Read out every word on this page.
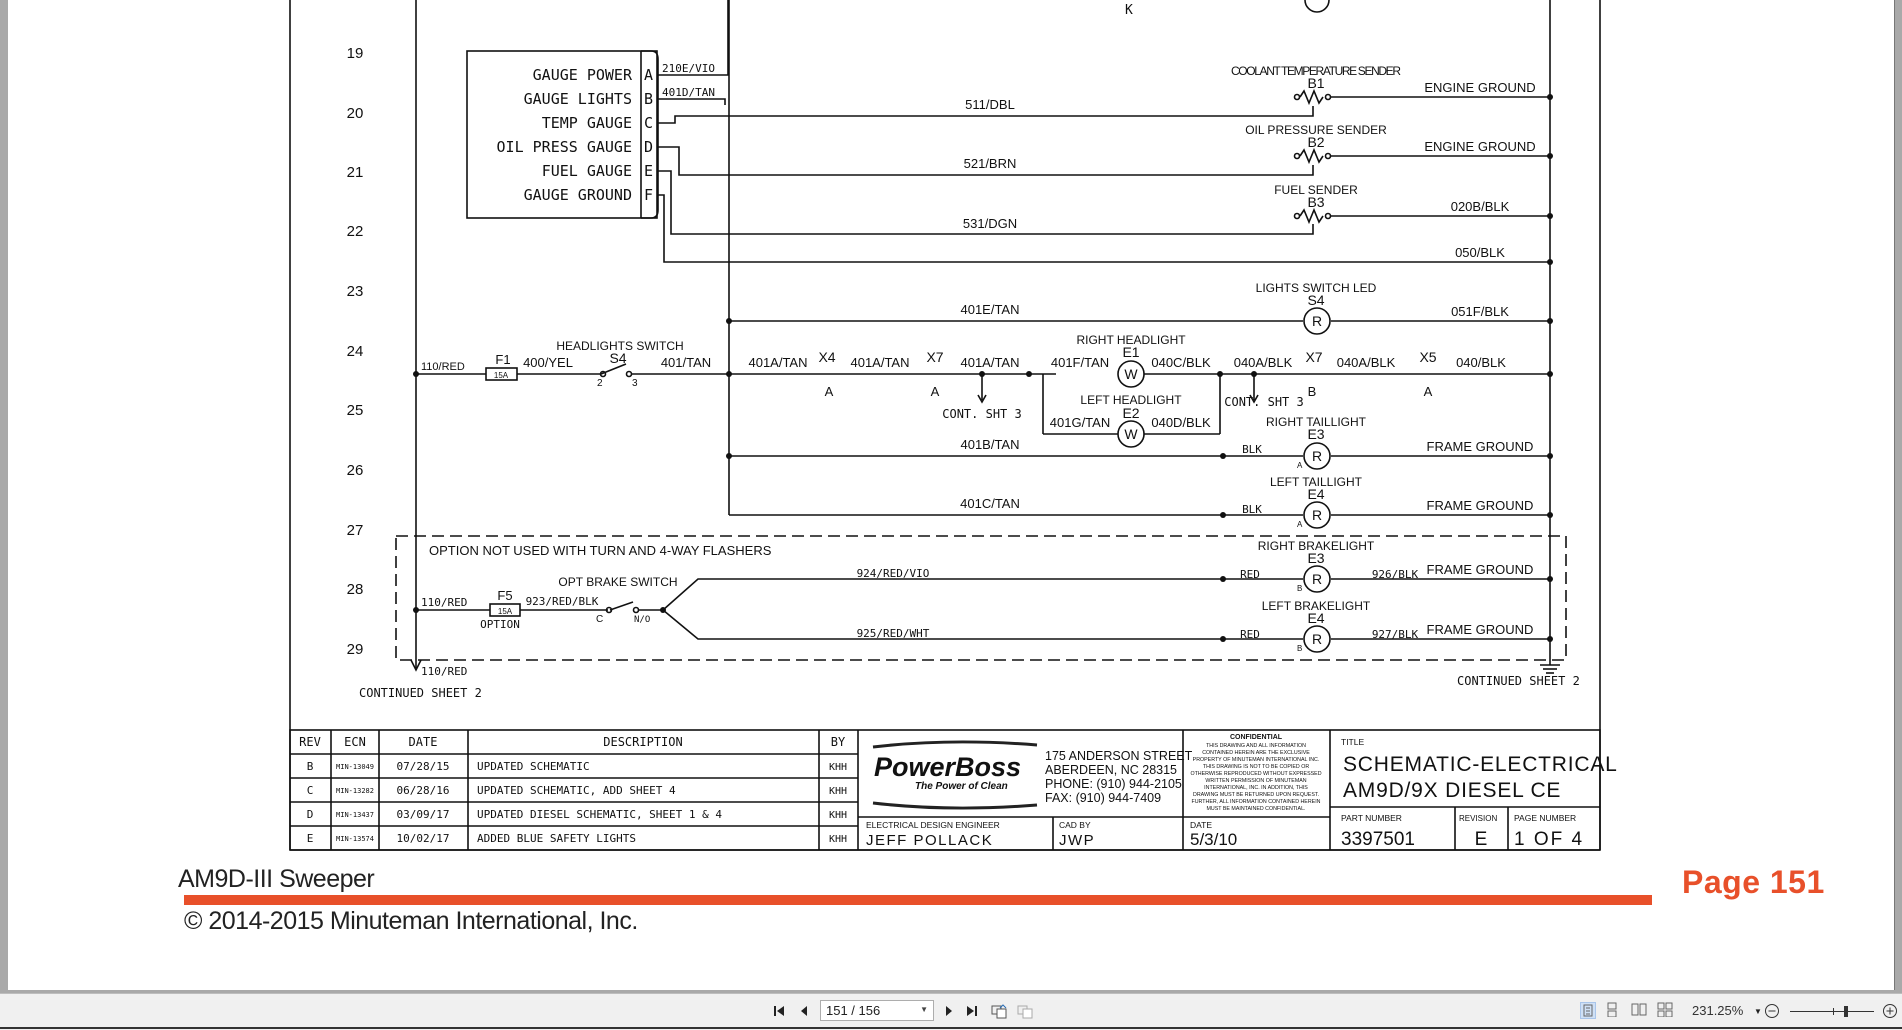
R
W
W
R
R
R
R
19
20
21
22
23
24
25
26
27
28
29
K
GAUGE POWER
GAUGE LIGHTS
TEMP GAUGE
OIL PRESS GAUGE
FUEL GAUGE
GAUGE GROUND
A
B
C
D
E
F
210E/VIO
401D/TAN
COOLANT TEMPERATURE SENDER
B1
511/DBL
ENGINE GROUND
OIL PRESSURE SENDER
B2
521/BRN
ENGINE GROUND
FUEL SENDER
B3
531/DGN
020B/BLK
050/BLK
LIGHTS SWITCH LED
S4
401E/TAN	051F/BLK
110/RED F1
15A
400/YEL
HEADLIGHTS SWITCH
S4
2	3
401/TAN	401A/TAN	401A/TAN	401A/TAN
X4
A
X7
A
X7
B
X5
A
CONT. SHT 3
CONT. SHT 3
RIGHT HEADLIGHT
E1
401F/TAN	040C/BLK
LEFT HEADLIGHT
E2
401G/TAN	040D/BLK
040A/BLK	040A/BLK	040/BLK
RIGHT TAILLIGHT
E3
401B/TAN	BLK
A
FRAME GROUND
LEFT TAILLIGHT
E4
401C/TAN	BLK
A
FRAME GROUND
OPTION NOT USED WITH TURN AND 4-WAY FLASHERS
110/RED F5
15A
OPTION
923/RED/BLK
OPT BRAKE SWITCH
C	N/O
924/RED/VIO
925/RED/WHT
RED
RED
RIGHT BRAKELIGHT
E3
B
LEFT BRAKELIGHT
E4
B
926/BLK
927/BLK
FRAME GROUND
FRAME GROUND
110/RED
CONTINUED SHEET 2
CONTINUED SHEET 2
REV ECN	DATE	DESCRIPTION	BY
B	MIN-13049 07/28/15	UPDATED SCHEMATIC	KHH
C	MIN-13282 06/28/16	UPDATED SCHEMATIC, ADD SHEET 4	KHH
D	MIN-13437 03/09/17	UPDATED DIESEL SCHEMATIC, SHEET 1 & 4	KHH
E	MIN-13574 10/02/17	ADDED BLUE SAFETY LIGHTS	KHH
PowerBoss
The Power of Clean
175 ANDERSON STREET
ABERDEEN, NC 28315
PHONE: (910) 944-2105
FAX: (910) 944-7409
CONFIDENTIAL
THIS DRAWING AND ALL INFORMATION
CONTAINED HEREIN ARE THE EXCLUSIVE
PROPERTY OF MINUTEMAN INTERNATIONAL INC.
THIS DRAWING IS NOT TO BE COPIED OR
OTHERWISE REPRODUCED WITHOUT EXPRESSED
WRITTEN PERMISSION OF MINUTEMAN
INTERNATIONAL, INC. IN ADDITION, THIS
DRAWING MUST BE RETURNED UPON REQUEST.
FURTHER, ALL INFORMATION CONTAINED HEREIN
MUST BE MAINTAINED CONFIDENTIAL.
ELECTRICAL DESIGN ENGINEER
JEFF POLLACK
CAD BY
JWP
DATE
5/3/10
TITLE
SCHEMATIC-ELECTRICAL
AM9D/9X DIESEL CE
PART NUMBER
3397501
REVISION
E
PAGE NUMBER
1 OF 4
AM9D-III Sweeper
© 2014-2015 Minuteman International, Inc.
Page 151
151 / 156	▼	231.25% ▼
